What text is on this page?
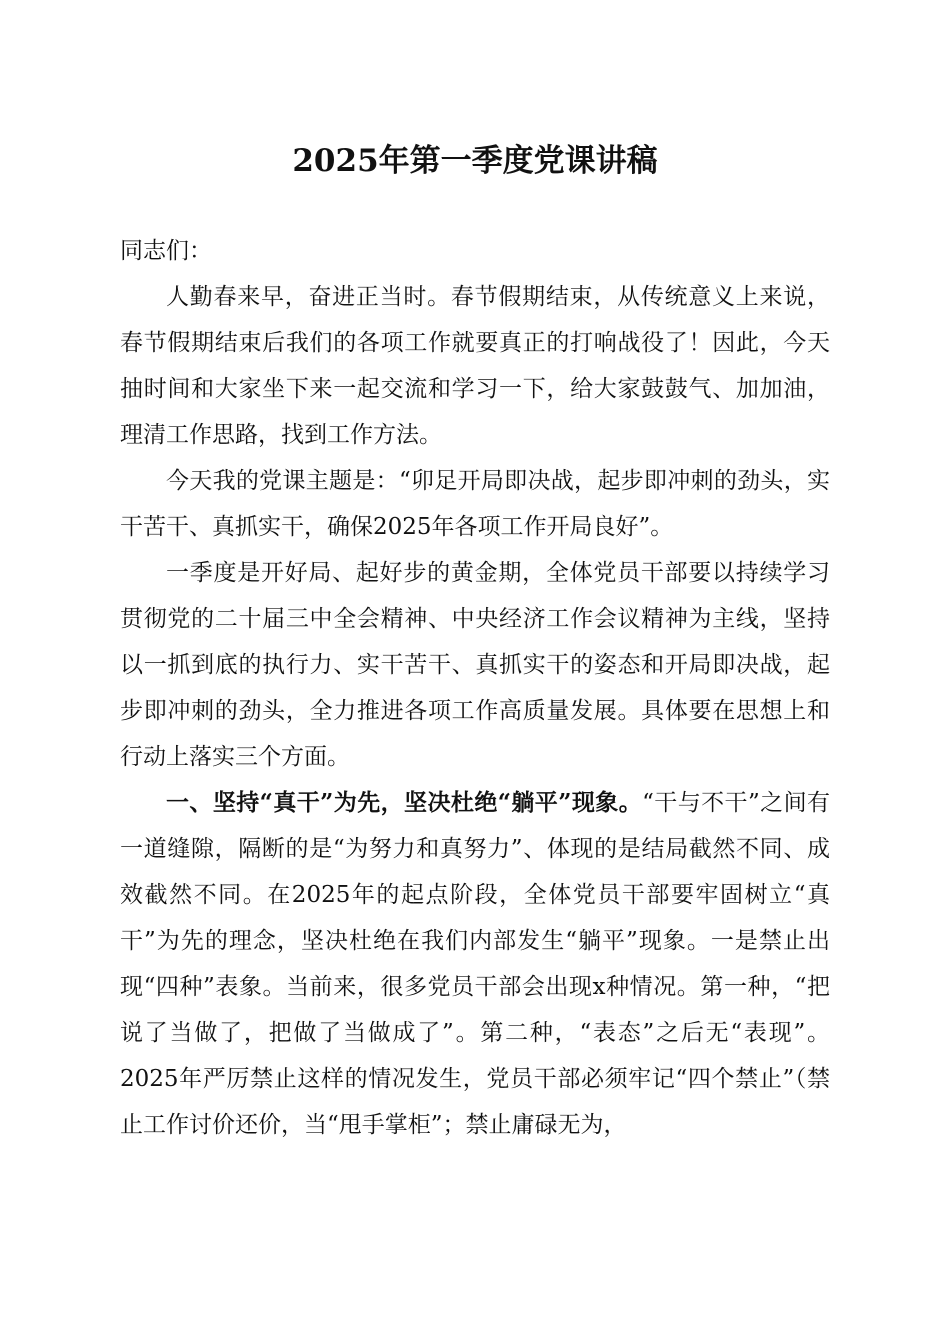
2025年第一季度党课讲稿

同志们：

人勤春来早，奋进正当时。春节假期结束，从传统意义上来说，春节假期结束后我们的各项工作就要真正的打响战役了！因此，今天抽时间和大家坐下来一起交流和学习一下，给大家鼓鼓气、加加油，理清工作思路，找到工作方法。

今天我的党课主题是：“卯足开局即决战，起步即冲刺的劲头，实干苦干、真抓实干，确保2025年各项工作开局良好”。

一季度是开好局、起好步的黄金期，全体党员干部要以持续学习贯彻党的二十届三中全会精神、中央经济工作会议精神为主线，坚持以一抓到底的执行力、实干苦干、真抓实干的姿态和开局即决战，起步即冲刺的劲头，全力推进各项工作高质量发展。具体要在思想上和行动上落实三个方面。

一、坚持“真干”为先，坚决杜绝“躺平”现象。“干与不干”之间有一道缝隙，隔断的是“为努力和真努力”、体现的是结局截然不同、成效截然不同。在2025年的起点阶段，全体党员干部要牢固树立“真干”为先的理念，坚决杜绝在我们内部发生“躺平”现象。一是禁止出现“四种”表象。当前来，很多党员干部会出现x种情况。第一种，“把说了当做了，把做了当做成了”。第二种，“表态”之后无“表现”。2025年严厉禁止这样的情况发生，党员干部必须牢记“四个禁止”（禁止工作讨价还价，当“甩手掌柜”；禁止庸碌无为，
